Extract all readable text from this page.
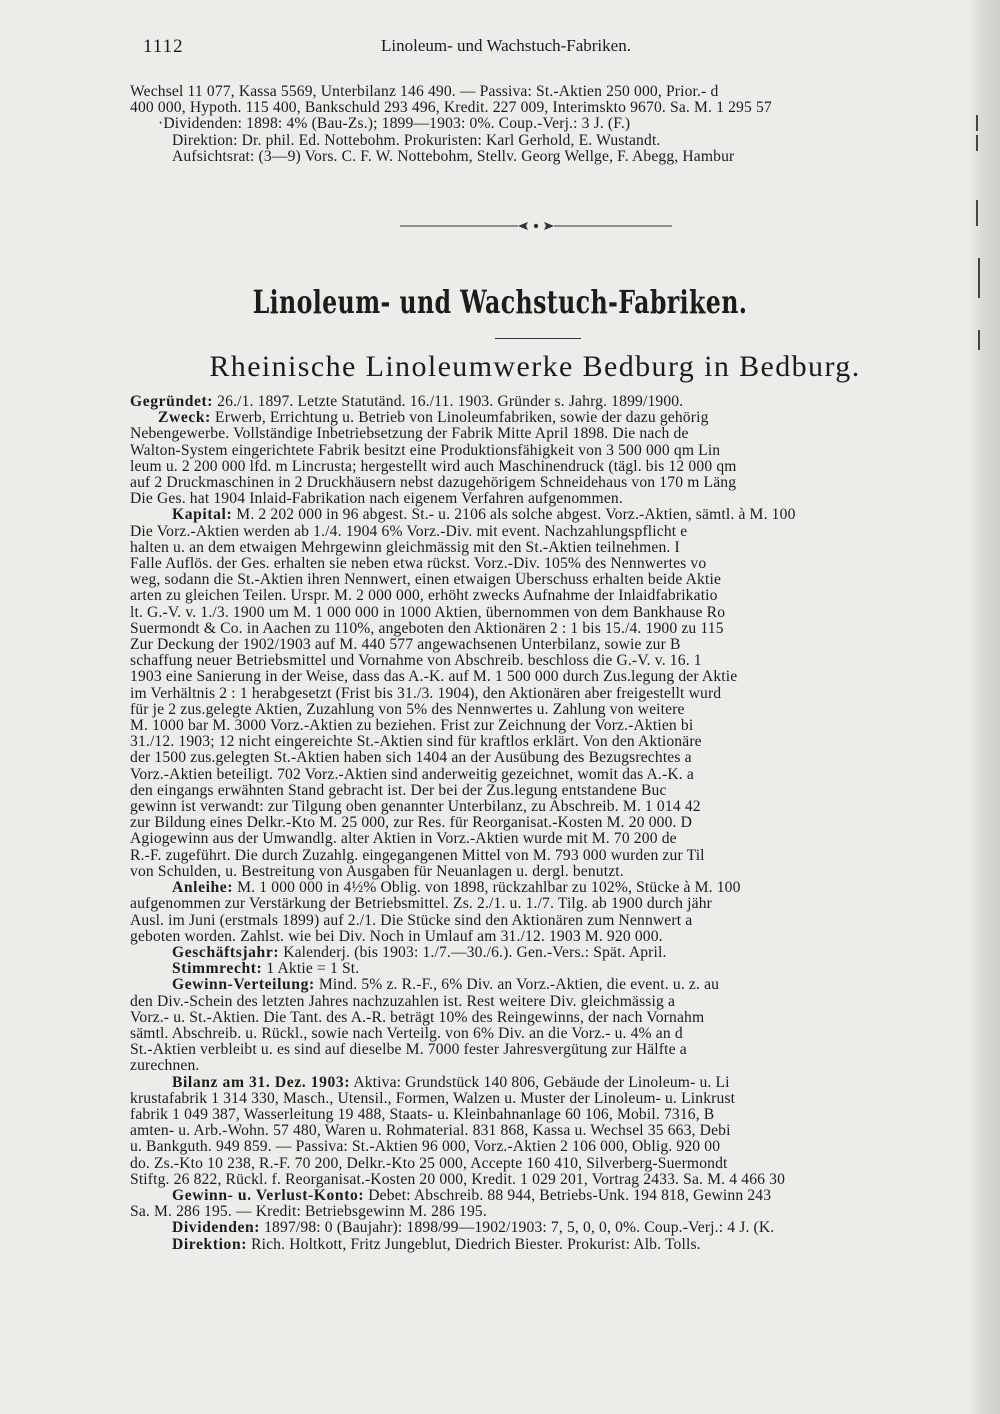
1112	Linoleum- und Wachstuch-Fabriken.
Wechsel 11 077, Kassa 5569, Unterbilanz 146 490. — Passiva: St.-Aktien 250 000, Prior.- d
400 000, Hypoth. 115 400, Bankschuld 293 496, Kredit. 227 009, Interimskto 9670. Sa. M. 1 295 57
·Dividenden: 1898: 4% (Bau-Zs.); 1899—1903: 0%. Coup.-Verj.: 3 J. (F.)
Direktion: Dr. phil. Ed. Nottebohm. Prokuristen: Karl Gerhold, E. Wustandt.
Aufsichtsrat: (3—9) Vors. C. F. W. Nottebohm, Stellv. Georg Wellge, F. Abegg, Hambur
Linoleum- und Wachstuch-Fabriken.
Rheinische Linoleumwerke Bedburg in Bedburg.
Gegründet: 26./1. 1897. Letzte Statutänd. 16./11. 1903. Gründer s. Jahrg. 1899/1900.
Zweck: Erwerb, Errichtung u. Betrieb von Linoleumfabriken, sowie der dazu gehörig
Nebengewerbe. Vollständige Inbetriebsetzung der Fabrik Mitte April 1898. Die nach de
Walton-System eingerichtete Fabrik besitzt eine Produktionsfähigkeit von 3 500 000 qm Lin
leum u. 2 200 000 lfd. m Lincrusta; hergestellt wird auch Maschinendruck (tägl. bis 12 000 qm
auf 2 Druckmaschinen in 2 Druckhäusern nebst dazugehörigem Schneidehaus von 170 m Läng
Die Ges. hat 1904 Inlaid-Fabrikation nach eigenem Verfahren aufgenommen.
Kapital: M. 2 202 000 in 96 abgest. St.- u. 2106 als solche abgest. Vorz.-Aktien, sämtl. à M. 100
Die Vorz.-Aktien werden ab 1./4. 1904 6% Vorz.-Div. mit event. Nachzahlungspflicht e
halten u. an dem etwaigen Mehrgewinn gleichmässig mit den St.-Aktien teilnehmen. I
Falle Auflös. der Ges. erhalten sie neben etwa rückst. Vorz.-Div. 105% des Nennwertes vo
weg, sodann die St.-Aktien ihren Nennwert, einen etwaigen Überschuss erhalten beide Aktie
arten zu gleichen Teilen. Urspr. M. 2 000 000, erhöht zwecks Aufnahme der Inlaidfabrikatio
lt. G.-V. v. 1./3. 1900 um M. 1 000 000 in 1000 Aktien, übernommen von dem Bankhause Ro
Suermondt & Co. in Aachen zu 110%, angeboten den Aktionären 2 : 1 bis 15./4. 1900 zu 115
Zur Deckung der 1902/1903 auf M. 440 577 angewachsenen Unterbilanz, sowie zur B
schaffung neuer Betriebsmittel und Vornahme von Abschreib. beschloss die G.-V. v. 16. 1
1903 eine Sanierung in der Weise, dass das A.-K. auf M. 1 500 000 durch Zus.legung der Aktie
im Verhältnis 2 : 1 herabgesetzt (Frist bis 31./3. 1904), den Aktionären aber freigestellt wurd
für je 2 zus.gelegte Aktien, Zuzahlung von 5% des Nennwertes u. Zahlung von weitere
M. 1000 bar M. 3000 Vorz.-Aktien zu beziehen. Frist zur Zeichnung der Vorz.-Aktien bi
31./12. 1903; 12 nicht eingereichte St.-Aktien sind für kraftlos erklärt. Von den Aktionäre
der 1500 zus.gelegten St.-Aktien haben sich 1404 an der Ausübung des Bezugsrechtes a
Vorz.-Aktien beteiligt. 702 Vorz.-Aktien sind anderweitig gezeichnet, womit das A.-K. a
den eingangs erwähnten Stand gebracht ist. Der bei der Zus.legung entstandene Buc
gewinn ist verwandt: zur Tilgung oben genannter Unterbilanz, zu Abschreib. M. 1 014 42
zur Bildung eines Delkr.-Kto M. 25 000, zur Res. für Reorganisat.-Kosten M. 20 000. D
Agiogewinn aus der Umwandlg. alter Aktien in Vorz.-Aktien wurde mit M. 70 200 de
R.-F. zugeführt. Die durch Zuzahlg. eingegangenen Mittel von M. 793 000 wurden zur Til
von Schulden, u. Bestreitung von Ausgaben für Neuanlagen u. dergl. benutzt.
Anleihe: M. 1 000 000 in 4½% Oblig. von 1898, rückzahlbar zu 102%, Stücke à M. 100
aufgenommen zur Verstärkung der Betriebsmittel. Zs. 2./1. u. 1./7. Tilg. ab 1900 durch jähr
Ausl. im Juni (erstmals 1899) auf 2./1. Die Stücke sind den Aktionären zum Nennwert a
geboten worden. Zahlst. wie bei Div. Noch in Umlauf am 31./12. 1903 M. 920 000.
Geschäftsjahr: Kalenderj. (bis 1903: 1./7.—30./6.). Gen.-Vers.: Spät. April.
Stimmrecht: 1 Aktie = 1 St.
Gewinn-Verteilung: Mind. 5% z. R.-F., 6% Div. an Vorz.-Aktien, die event. u. z. au
den Div.-Schein des letzten Jahres nachzuzahlen ist. Rest weitere Div. gleichmässig a
Vorz.- u. St.-Aktien. Die Tant. des A.-R. beträgt 10% des Reingewinns, der nach Vornahm
sämtl. Abschreib. u. Rückl., sowie nach Verteilg. von 6% Div. an die Vorz.- u. 4% an d
St.-Aktien verbleibt u. es sind auf dieselbe M. 7000 fester Jahresvergütung zur Hälfte a
zurechnen.
Bilanz am 31. Dez. 1903: Aktiva: Grundstück 140 806, Gebäude der Linoleum- u. Li
krustafabrik 1 314 330, Masch., Utensil., Formen, Walzen u. Muster der Linoleum- u. Linkrust
fabrik 1 049 387, Wasserleitung 19 488, Staats- u. Kleinbahnanlage 60 106, Mobil. 7316, B
amten- u. Arb.-Wohn. 57 480, Waren u. Rohmaterial. 831 868, Kassa u. Wechsel 35 663, Debi
u. Bankguth. 949 859. — Passiva: St.-Aktien 96 000, Vorz.-Aktien 2 106 000, Oblig. 920 00
do. Zs.-Kto 10 238, R.-F. 70 200, Delkr.-Kto 25 000, Accepte 160 410, Silverberg-Suermondt
Stiftg. 26 822, Rückl. f. Reorganisat.-Kosten 20 000, Kredit. 1 029 201, Vortrag 2433. Sa. M. 4 466 30
Gewinn- u. Verlust-Konto: Debet: Abschreib. 88 944, Betriebs-Unk. 194 818, Gewinn 243
Sa. M. 286 195. — Kredit: Betriebsgewinn M. 286 195.
Dividenden: 1897/98: 0 (Baujahr): 1898/99—1902/1903: 7, 5, 0, 0, 0%. Coup.-Verj.: 4 J. (K.
Direktion: Rich. Holtkott, Fritz Jungeblut, Diedrich Biester. Prokurist: Alb. Tolls.
